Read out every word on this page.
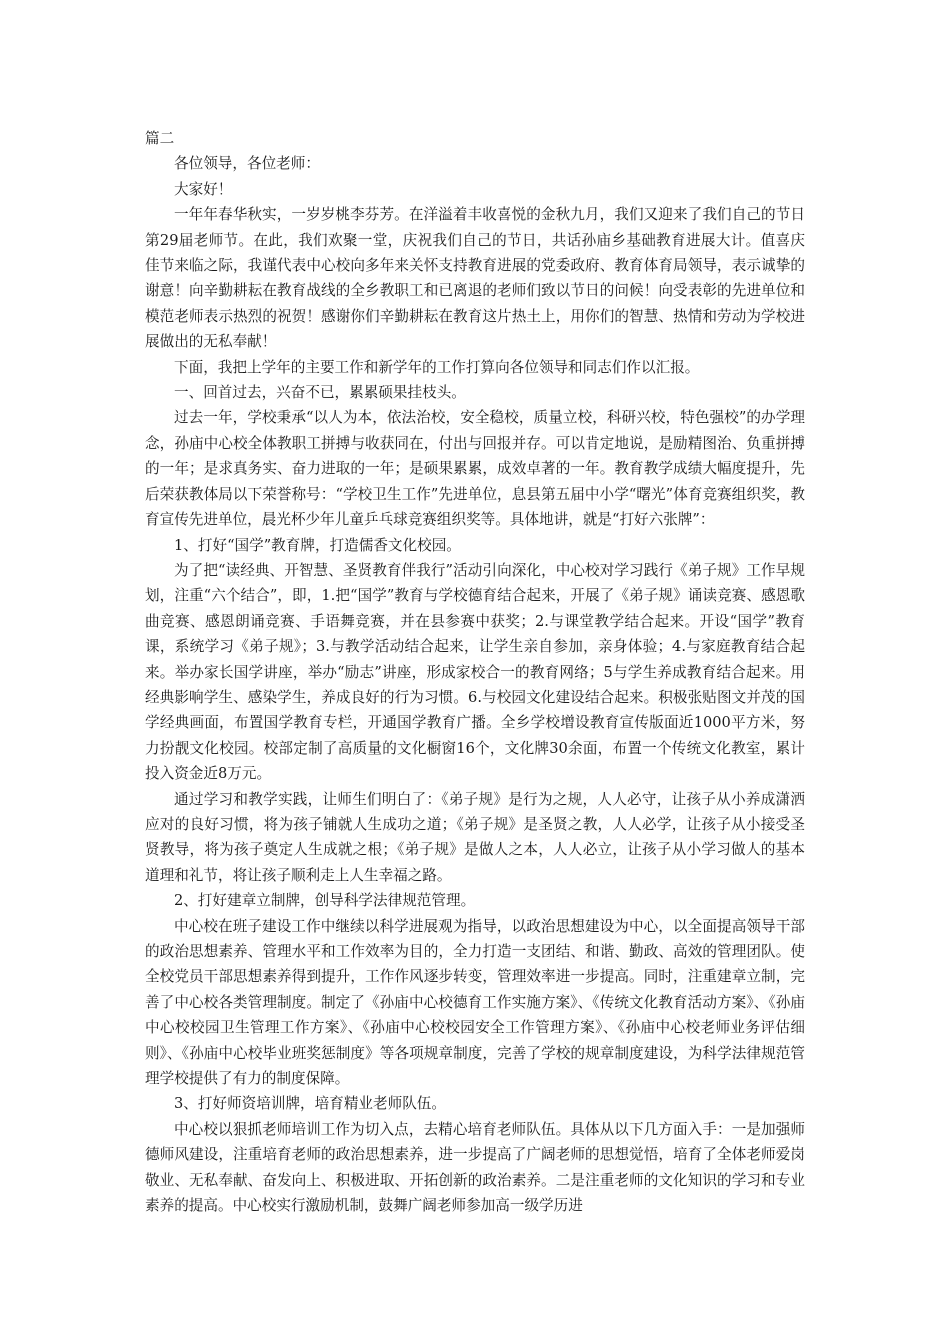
篇二

各位领导，各位老师：

大家好！

一年年春华秋实，一岁岁桃李芬芳。在洋溢着丰收喜悦的金秋九月，我们又迎来了我们自己的节日第29届老师节。在此，我们欢聚一堂，庆祝我们自己的节日，共话孙庙乡基础教育进展大计。值喜庆佳节来临之际，我谨代表中心校向多年来关怀支持教育进展的党委政府、教育体育局领导，表示诚挚的谢意！向辛勤耕耘在教育战线的全乡教职工和已离退的老师们致以节日的问候！向受表彰的先进单位和模范老师表示热烈的祝贺！感谢你们辛勤耕耘在教育这片热土上，用你们的智慧、热情和劳动为学校进展做出的无私奉献！

下面，我把上学年的主要工作和新学年的工作打算向各位领导和同志们作以汇报。

一、回首过去，兴奋不已，累累硕果挂枝头。

过去一年，学校秉承“以人为本，依法治校，安全稳校，质量立校，科研兴校，特色强校”的办学理念，孙庙中心校全体教职工拼搏与收获同在，付出与回报并存。可以肯定地说，是励精图治、负重拼搏的一年；是求真务实、奋力进取的一年；是硕果累累，成效卓著的一年。教育教学成绩大幅度提升，先后荣获教体局以下荣誉称号：“学校卫生工作”先进单位，息县第五届中小学“曙光”体育竞赛组织奖，教育宣传先进单位，晨光杯少年儿童乒乓球竞赛组织奖等。具体地讲，就是“打好六张牌”：

1、打好“国学”教育牌，打造儒香文化校园。

为了把“读经典、开智慧、圣贤教育伴我行”活动引向深化，中心校对学习践行《弟子规》工作早规划，注重“六个结合”，即，1.把“国学”教育与学校德育结合起来，开展了《弟子规》诵读竞赛、感恩歌曲竞赛、感恩朗诵竞赛、手语舞竞赛，并在县参赛中获奖；2.与课堂教学结合起来。开设“国学”教育课，系统学习《弟子规》；3.与教学活动结合起来，让学生亲自参加，亲身体验；4.与家庭教育结合起来。举办家长国学讲座，举办“励志”讲座，形成家校合一的教育网络；5与学生养成教育结合起来。用经典影响学生、感染学生，养成良好的行为习惯。6.与校园文化建设结合起来。积极张贴图文并茂的国学经典画面，布置国学教育专栏，开通国学教育广播。全乡学校增设教育宣传版面近1000平方米，努力扮靓文化校园。校部定制了高质量的文化橱窗16个，文化牌30余面，布置一个传统文化教室，累计投入资金近8万元。

通过学习和教学实践，让师生们明白了：《弟子规》是行为之规，人人必守，让孩子从小养成潇洒应对的良好习惯，将为孩子铺就人生成功之道；《弟子规》是圣贤之教，人人必学，让孩子从小接受圣贤教导，将为孩子奠定人生成就之根；《弟子规》是做人之本，人人必立，让孩子从小学习做人的基本道理和礼节，将让孩子顺利走上人生幸福之路。

2、打好建章立制牌，创导科学法律规范管理。

中心校在班子建设工作中继续以科学进展观为指导，以政治思想建设为中心，以全面提高领导干部的政治思想素养、管理水平和工作效率为目的，全力打造一支团结、和谐、勤政、高效的管理团队。使全校党员干部思想素养得到提升，工作作风逐步转变，管理效率进一步提高。同时，注重建章立制，完善了中心校各类管理制度。制定了《孙庙中心校德育工作实施方案》、《传统文化教育活动方案》、《孙庙中心校校园卫生管理工作方案》、《孙庙中心校校园安全工作管理方案》、《孙庙中心校老师业务评估细则》、《孙庙中心校毕业班奖惩制度》等各项规章制度，完善了学校的规章制度建设，为科学法律规范管理学校提供了有力的制度保障。

3、打好师资培训牌，培育精业老师队伍。

中心校以狠抓老师培训工作为切入点，去精心培育老师队伍。具体从以下几方面入手：一是加强师德师风建设，注重培育老师的政治思想素养，进一步提高了广阔老师的思想觉悟，培育了全体老师爱岗敬业、无私奉献、奋发向上、积极进取、开拓创新的政治素养。二是注重老师的文化知识的学习和专业素养的提高。中心校实行激励机制，鼓舞广阔老师参加高一级学历进
